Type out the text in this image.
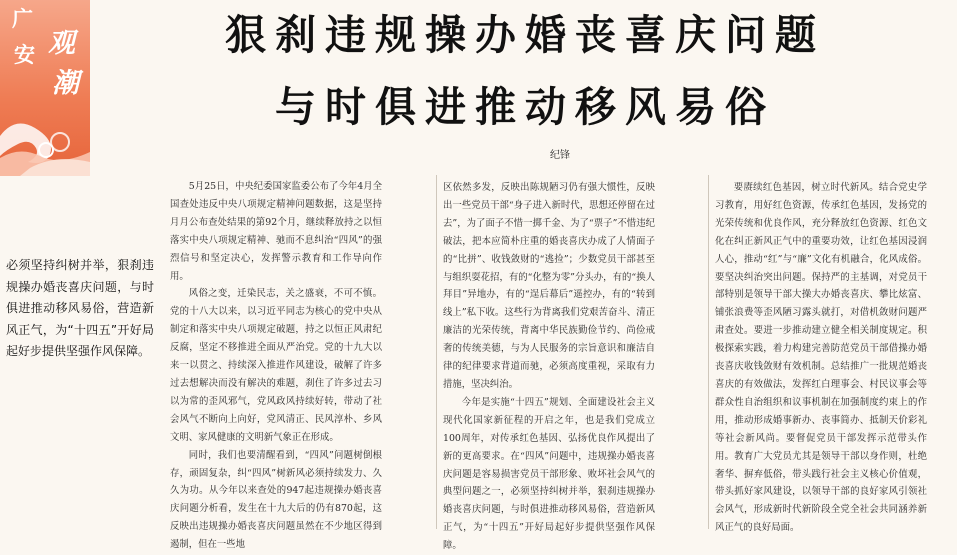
广
安 观
潮
狠刹违规操办婚丧喜庆问题
与时俱进推动移风易俗
纪锋
必须坚持纠树并举，狠刹违规操办婚丧喜庆问题，与时俱进推动移风易俗，营造新风正气，为“十四五”开好局起好步提供坚强作风保障。

5月25日，中央纪委国家监委公布了今年4月全国查处违反中央八项规定精神问题数据，这是坚持月月公布查处结果的第92个月，继续释放持之以恒落实中央八项规定精神、驰而不息纠治“四风”的强烈信号和坚定决心，发挥警示教育和工作导向作用。

风俗之变，迁染民志，关之盛衰，不可不慎。党的十八大以来，以习近平同志为核心的党中央从制定和落实中央八项规定破题，持之以恒正风肃纪反腐，坚定不移推进全面从严治党。党的十九大以来一以贯之、持续深入推进作风建设，破解了许多过去想解决而没有解决的难题，刹住了许多过去习以为常的歪风邪气，党风政风持续好转，带动了社会风气不断向上向好，党风清正、民风淳朴、乡风文明、家风健康的文明新气象正在形成。

同时，我们也要清醒看到，“四风”问题树倒根存，顽固复杂，纠“四风”树新风必须持续发力、久久为功。从今年以来查处的947起违规操办婚丧喜庆问题分析看，发生在十九大后的仍有870起，这反映出违规操办婚丧喜庆问题虽然在不少地区得到遏制，但在一些地

区依然多发，反映出陈规陋习仍有强大惯性，反映出一些党员干部“身子进入新时代，思想还停留在过去”，为了面子不惜一掷千金、为了“票子”不惜违纪破法，把本应简朴庄重的婚丧喜庆办成了人情面子的“比拼”、收钱敛财的“逃捡”；少数党员干部甚至与组织耍花招，有的“化整为零”分头办，有的“换人拜目”异地办，有的“逞后幕后”遥控办，有的“转到线上”私下收。这些行为背离我们党艰苦奋斗、清正廉洁的光荣传统，背离中华民族勤俭节约、尚俭戒奢的传统美德，与为人民服务的宗旨意识和廉洁自律的纪律要求背道而驰，必须高度重视，采取有力措施，坚决纠治。

今年是实施“十四五”规划、全面建设社会主义现代化国家新征程的开启之年，也是我们党成立100周年，对传承红色基因、弘扬优良作风提出了新的更高要求。在“四风”问题中，违规操办婚丧喜庆问题是容易损害党员干部形象、败坏社会风气的典型问题之一，必须坚持纠树并举，狠刹违规操办婚丧喜庆问题，与时俱进推动移风易俗，营造新风正气，为“十四五”开好局起好步提供坚强作风保障。

要赓续红色基因，树立时代新风。结合党史学习教育，用好红色资源，传承红色基因，发扬党的光荣传统和优良作风，充分释放红色资源、红色文化在纠正新风正气中的重要功效，让红色基因浸润人心，推动“红”与“廉”文化有机融合，化风成俗。要坚决纠治突出问题。保持严的主基调，对党员干部特别是领导干部大操大办婚丧喜庆、攀比炫富、铺张浪费等歪风陋习露头就打，对借机敛财问题严肃查处。要进一步推动建立健全相关制度规定。积极探索实践，着力构建完善防范党员干部借操办婚丧喜庆收钱敛财有效机制。总结推广一批规范婚丧喜庆的有效做法，发挥红白理事会、村民议事会等群众性自治组织和议事机制在加强制度约束上的作用，推动形成婚事新办、丧事简办、抵制天价彩礼等社会新风尚。要督促党员干部发挥示范带头作用。教育广大党员尤其是领导干部以身作则，杜绝奢华、摒弃低俗，带头践行社会主义核心价值观，带头抓好家风建设，以领导干部的良好家风引领社会风气，形成新时代新阶段全党全社会共同涵养新风正气的良好局面。
